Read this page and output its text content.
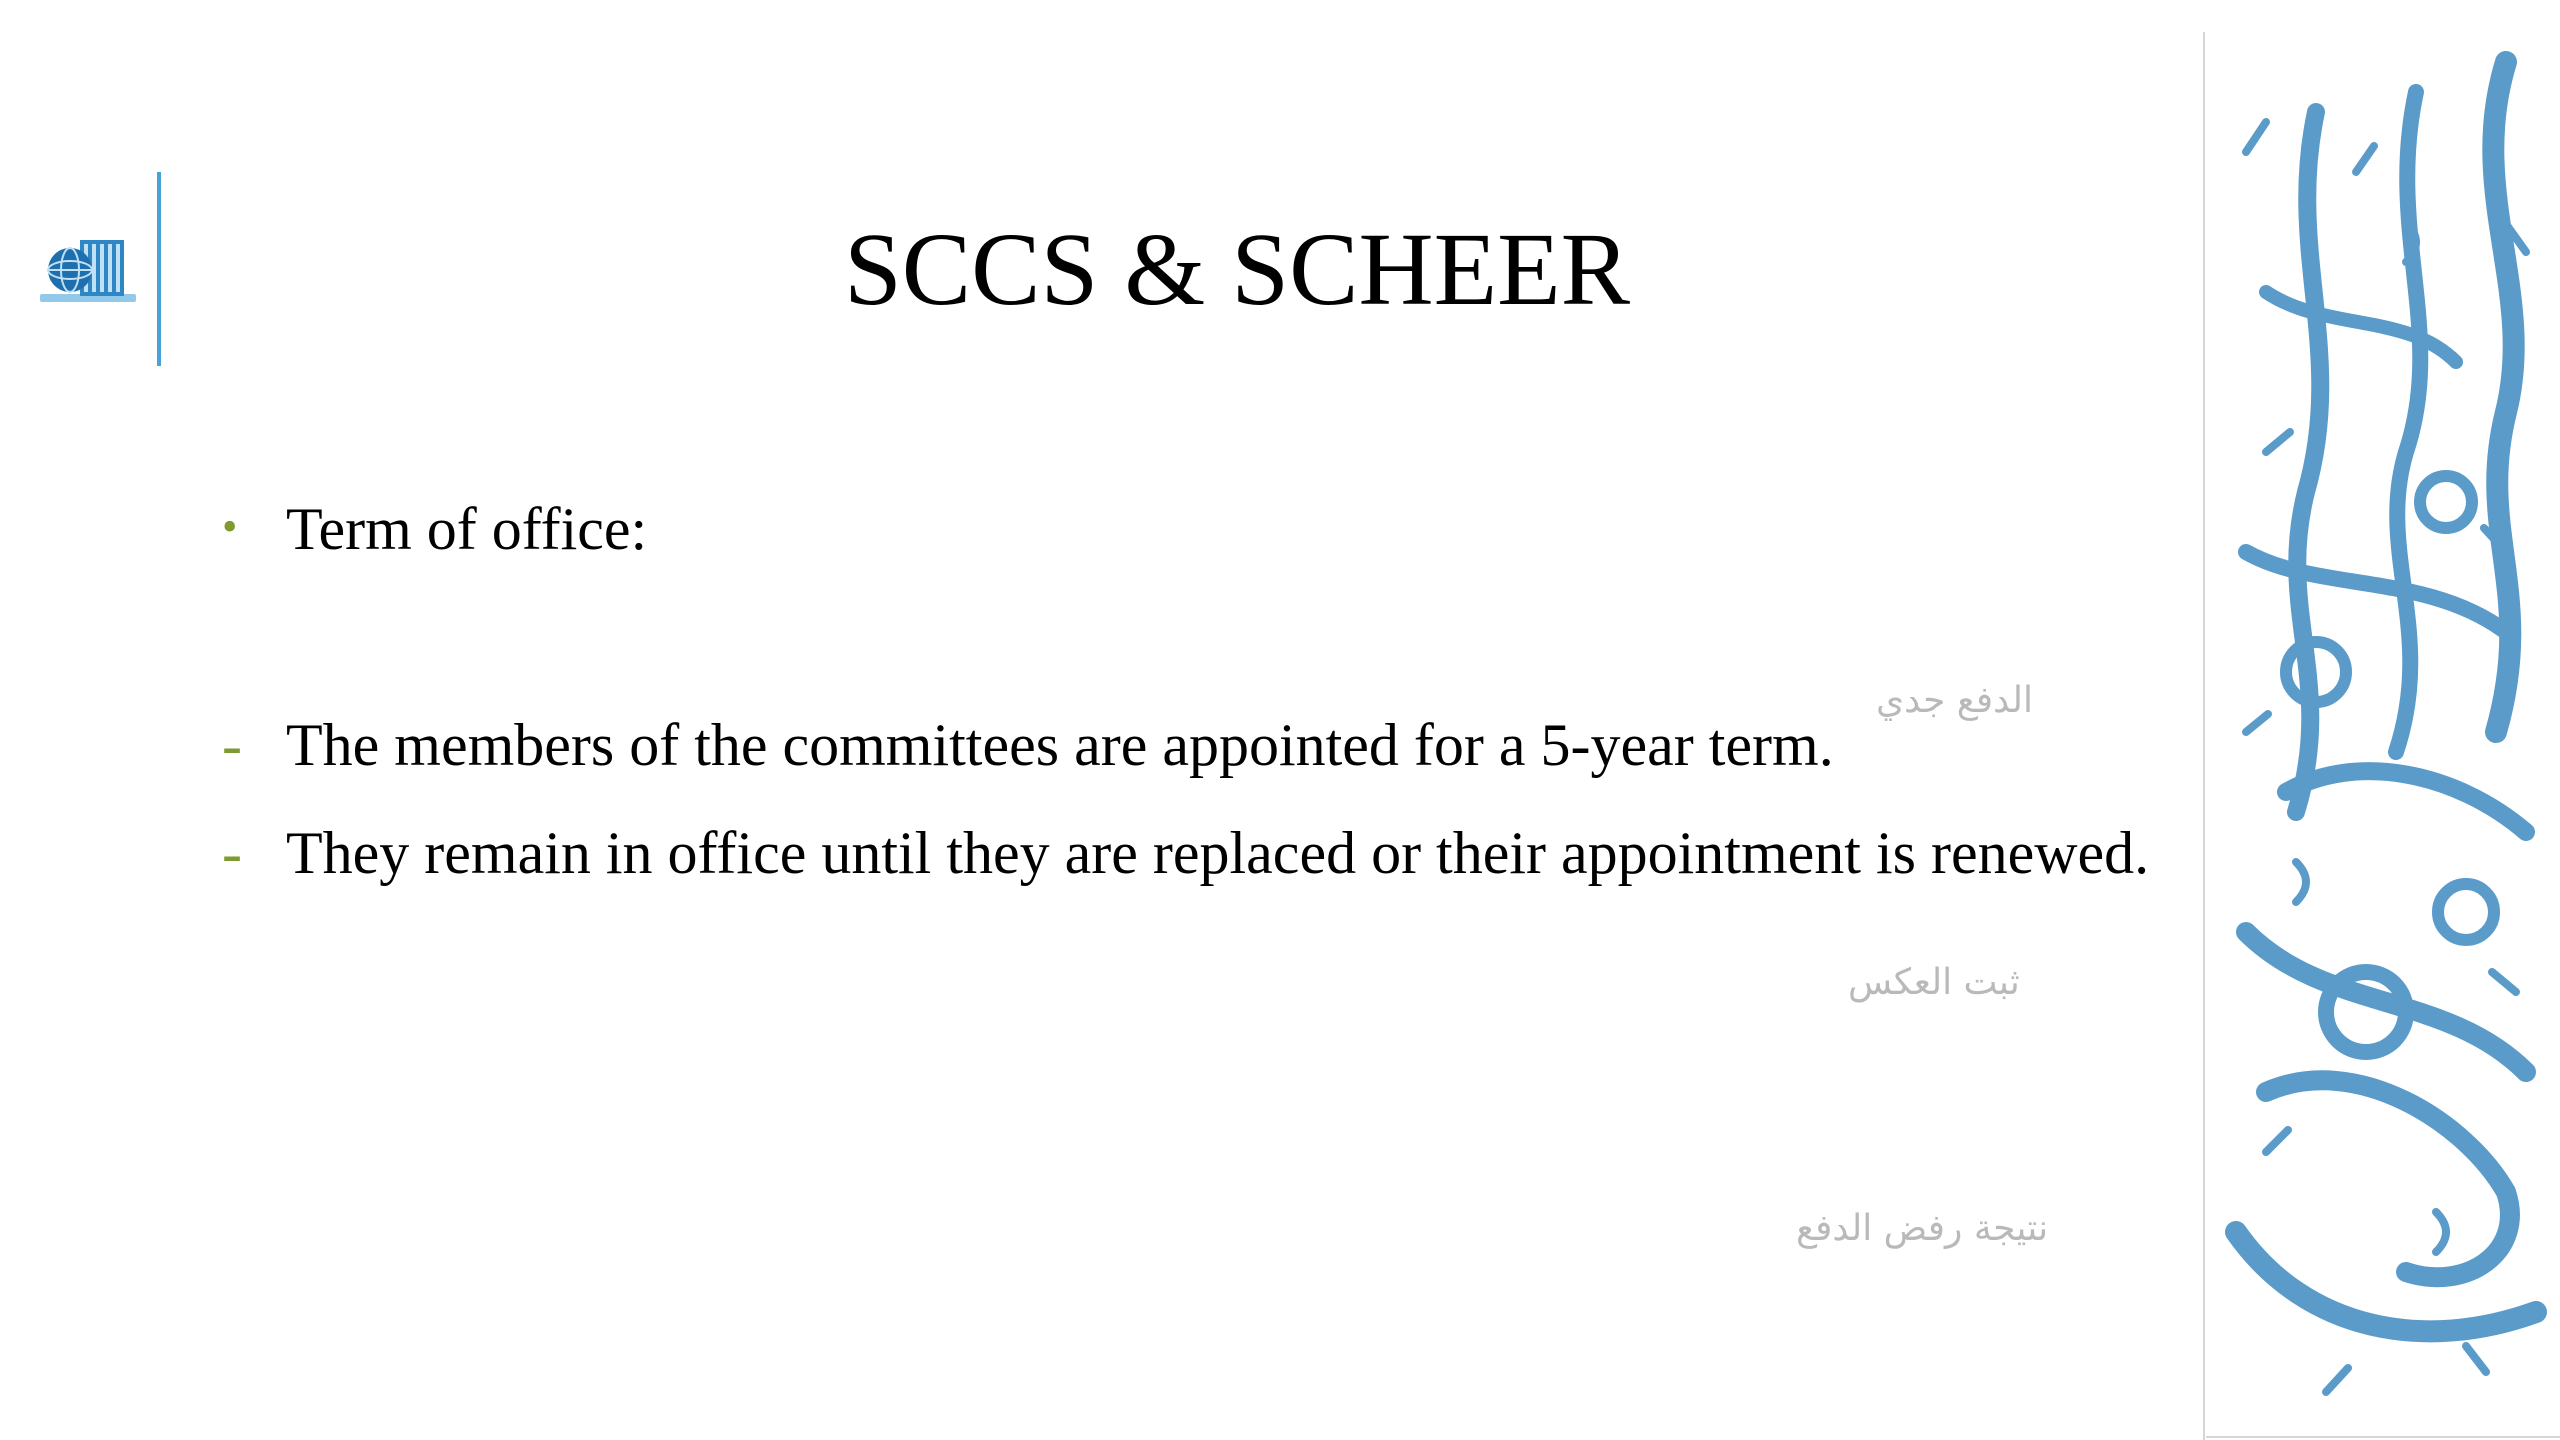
SCCS & SCHEER
• Term of office:
- The members of the committees are appointed for a 5-year term.
- They remain in office until they are replaced or their appointment is renewed.
الدفع جدي
ثبت العكس
نتيجة رفض الدفع
